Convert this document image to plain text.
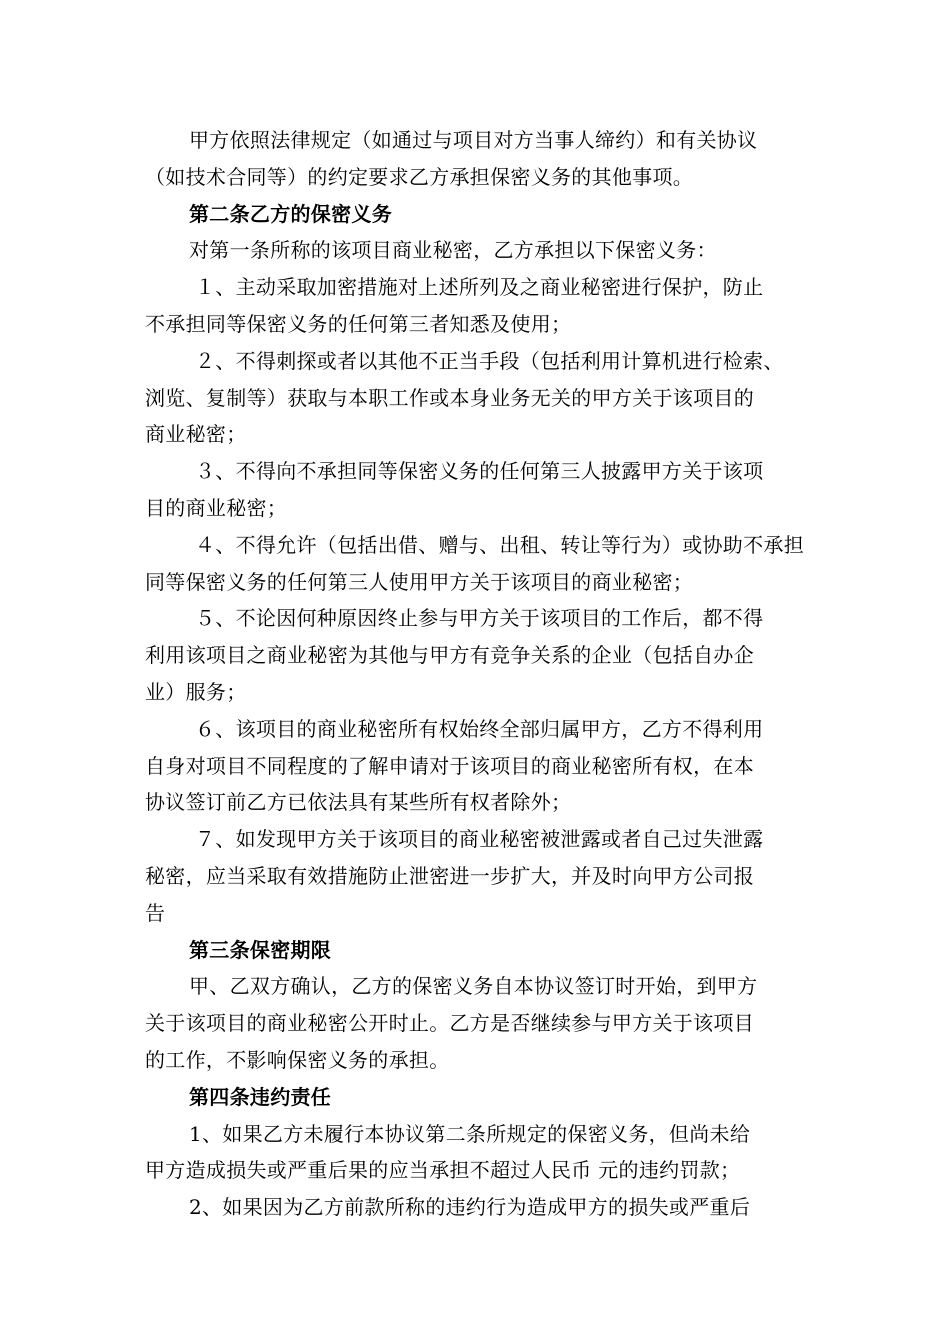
甲方依照法律规定（如通过与项目对方当事人缔约）和有关协议
（如技术合同等）的约定要求乙方承担保密义务的其他事项。

第二条乙方的保密义务

对第一条所称的该项目商业秘密，乙方承担以下保密义务：

１、主动采取加密措施对上述所列及之商业秘密进行保护，防止
不承担同等保密义务的任何第三者知悉及使用；

２、不得刺探或者以其他不正当手段（包括利用计算机进行检索、
浏览、复制等）获取与本职工作或本身业务无关的甲方关于该项目的
商业秘密；

３、不得向不承担同等保密义务的任何第三人披露甲方关于该项
目的商业秘密；

４、不得允许（包括出借、赠与、出租、转让等行为）或协助不承担
同等保密义务的任何第三人使用甲方关于该项目的商业秘密；

５、不论因何种原因终止参与甲方关于该项目的工作后，都不得
利用该项目之商业秘密为其他与甲方有竞争关系的企业（包括自办企
业）服务；

６、该项目的商业秘密所有权始终全部归属甲方，乙方不得利用
自身对项目不同程度的了解申请对于该项目的商业秘密所有权，在本
协议签订前乙方已依法具有某些所有权者除外；

７、如发现甲方关于该项目的商业秘密被泄露或者自己过失泄露
秘密，应当采取有效措施防止泄密进一步扩大，并及时向甲方公司报
告

第三条保密期限

甲、乙双方确认，乙方的保密义务自本协议签订时开始，到甲方
关于该项目的商业秘密公开时止。乙方是否继续参与甲方关于该项目
的工作，不影响保密义务的承担。

第四条违约责任

1、如果乙方未履行本协议第二条所规定的保密义务，但尚未给
甲方造成损失或严重后果的应当承担不超过人民币 元的违约罚款；

2、如果因为乙方前款所称的违约行为造成甲方的损失或严重后
